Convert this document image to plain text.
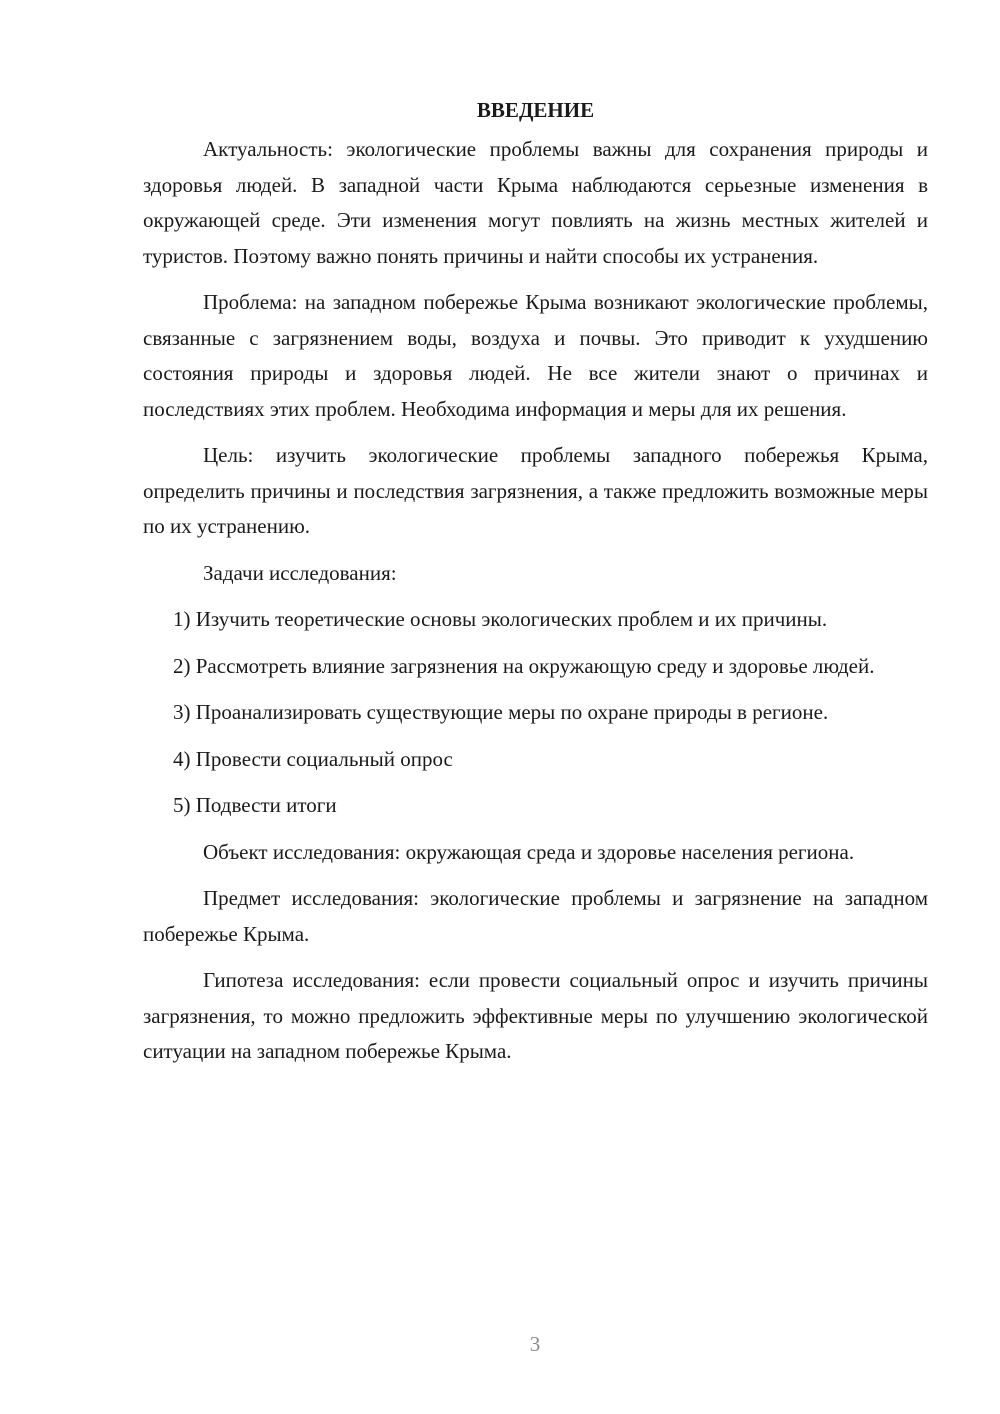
ВВЕДЕНИЕ

Актуальность: экологические проблемы важны для сохранения природы и здоровья людей. В западной части Крыма наблюдаются серьезные изменения в окружающей среде. Эти изменения могут повлиять на жизнь местных жителей и туристов. Поэтому важно понять причины и найти способы их устранения.

Проблема: на западном побережье Крыма возникают экологические проблемы, связанные с загрязнением воды, воздуха и почвы. Это приводит к ухудшению состояния природы и здоровья людей. Не все жители знают о причинах и последствиях этих проблем. Необходима информация и меры для их решения.

Цель: изучить экологические проблемы западного побережья Крыма, определить причины и последствия загрязнения, а также предложить возможные меры по их устранению.

Задачи исследования:

1) Изучить теоретические основы экологических проблем и их причины.

2) Рассмотреть влияние загрязнения на окружающую среду и здоровье людей.

3) Проанализировать существующие меры по охране природы в регионе.

4) Провести социальный опрос

5) Подвести итоги

Объект исследования: окружающая среда и здоровье населения региона.

Предмет исследования: экологические проблемы и загрязнение на западном побережье Крыма.

Гипотеза исследования: если провести социальный опрос и изучить причины загрязнения, то можно предложить эффективные меры по улучшению экологической ситуации на западном побережье Крыма.

3
